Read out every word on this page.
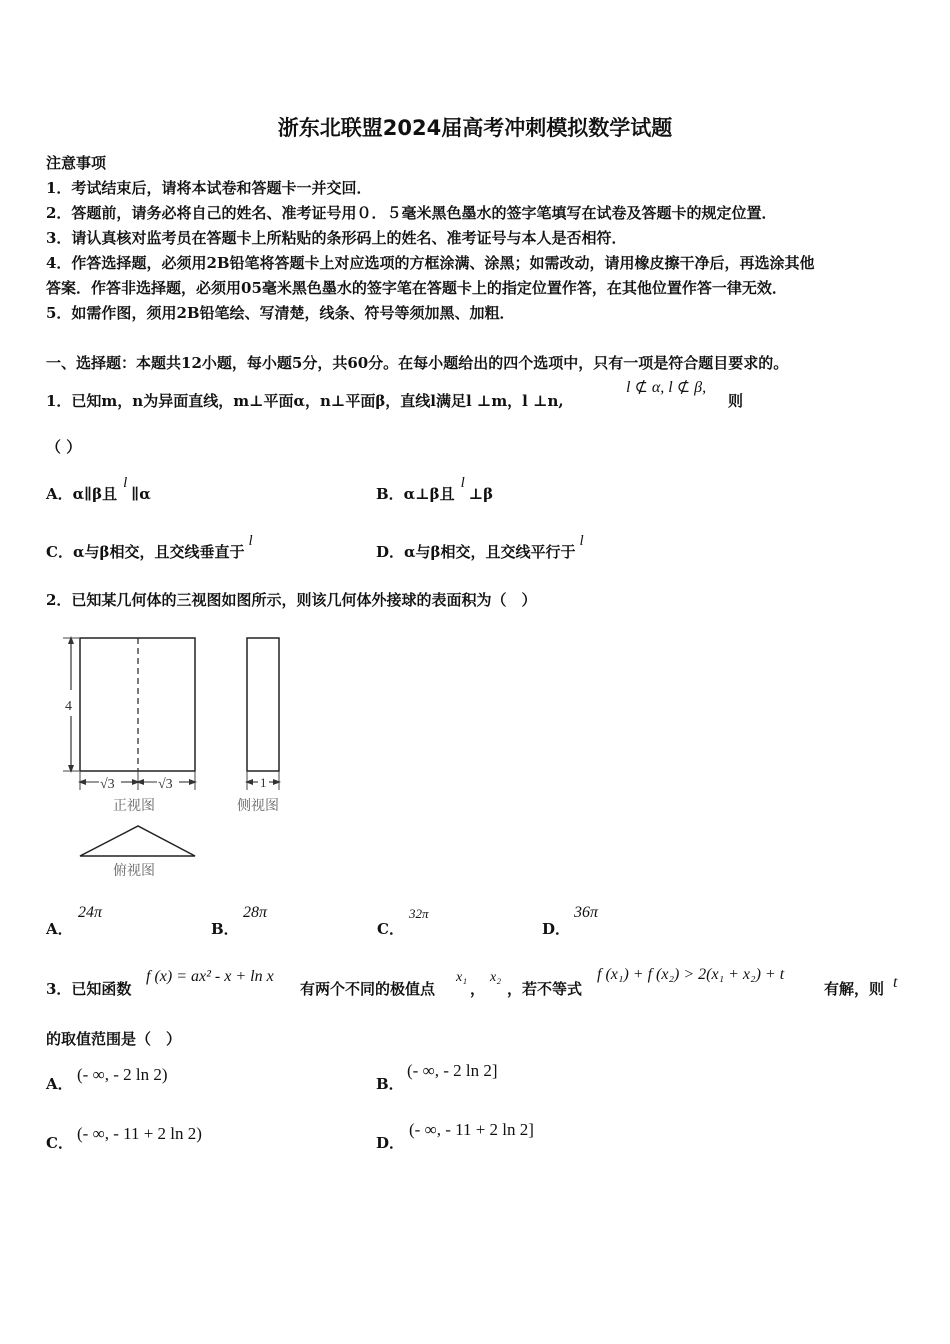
浙东北联盟2024届高考冲刺模拟数学试题
注意事项
1．考试结束后，请将本试卷和答题卡一并交回．
2．答题前，请务必将自己的姓名、准考证号用０．５毫米黑色墨水的签字笔填写在试卷及答题卡的规定位置．
3．请认真核对监考员在答题卡上所粘贴的条形码上的姓名、准考证号与本人是否相符．
4．作答选择题，必须用2B铅笔将答题卡上对应选项的方框涂满、涂黑；如需改动，请用橡皮擦干净后，再选涂其他
答案．作答非选择题，必须用05毫米黑色墨水的签字笔在答题卡上的指定位置作答，在其他位置作答一律无效．
5．如需作图，须用2B铅笔绘、写清楚，线条、符号等须加黑、加粗．
一、选择题：本题共12小题，每小题5分，共60分。在每小题给出的四个选项中，只有一项是符合题目要求的。
1．已知m，n为异面直线，m⊥平面α，n⊥平面β，直线l满足l ⊥m，l ⊥n,
l ⊄ α, l ⊄ β,
则
（ ）
A．α∥β且l∥α	B．α⊥β且l⊥β
C．α与β相交，且交线垂直于l
D．α与β相交，且交线平行于l
2．已知某几何体的三视图如图所示，则该几何体外接球的表面积为（　）
4
√3	√3
正视图
1
侧视图
俯视图
A．
24π
B．
28π
C．
32π
D．
36π
3．已知函数
f (x) = ax² - x + ln x
有两个不同的极值点
x₁
，
x₂
，若不等式
f (x₁) + f (x₂) > 2(x₁ + x₂) + t
有解，则 t
的取值范围是（　）
A． (- ∞, - 2 ln 2)	B．
(- ∞, - 2 ln 2]
C． (- ∞, - 11 + 2 ln 2)	D．
(- ∞, - 11 + 2 ln 2]
